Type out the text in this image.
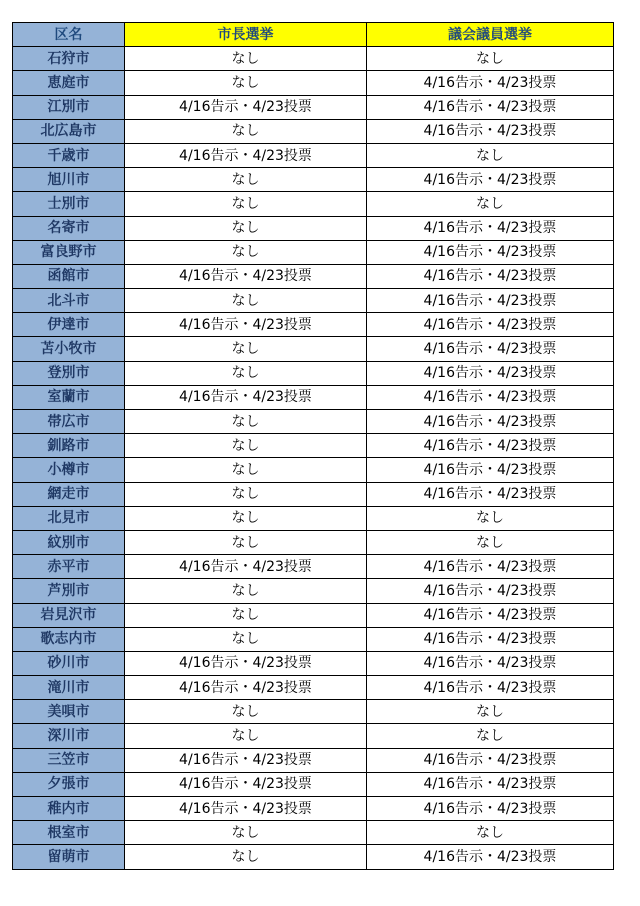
区名	市長選挙	議会議員選挙
石狩市	なし	なし
恵庭市	なし	4/16告示・4/23投票
江別市	4/16告示・4/23投票	4/16告示・4/23投票
北広島市	なし	4/16告示・4/23投票
千歳市	4/16告示・4/23投票	なし
旭川市	なし	4/16告示・4/23投票
士別市	なし	なし
名寄市	なし	4/16告示・4/23投票
富良野市	なし	4/16告示・4/23投票
函館市	4/16告示・4/23投票	4/16告示・4/23投票
北斗市	なし	4/16告示・4/23投票
伊達市	4/16告示・4/23投票	4/16告示・4/23投票
苫小牧市	なし	4/16告示・4/23投票
登別市	なし	4/16告示・4/23投票
室蘭市	4/16告示・4/23投票	4/16告示・4/23投票
帯広市	なし	4/16告示・4/23投票
釧路市	なし	4/16告示・4/23投票
小樽市	なし	4/16告示・4/23投票
網走市	なし	4/16告示・4/23投票
北見市	なし	なし
紋別市	なし	なし
赤平市	4/16告示・4/23投票	4/16告示・4/23投票
芦別市	なし	4/16告示・4/23投票
岩見沢市	なし	4/16告示・4/23投票
歌志内市	なし	4/16告示・4/23投票
砂川市	4/16告示・4/23投票	4/16告示・4/23投票
滝川市	4/16告示・4/23投票	4/16告示・4/23投票
美唄市	なし	なし
深川市	なし	なし
三笠市	4/16告示・4/23投票	4/16告示・4/23投票
夕張市	4/16告示・4/23投票	4/16告示・4/23投票
稚内市	4/16告示・4/23投票	4/16告示・4/23投票
根室市	なし	なし
留萌市	なし	4/16告示・4/23投票
